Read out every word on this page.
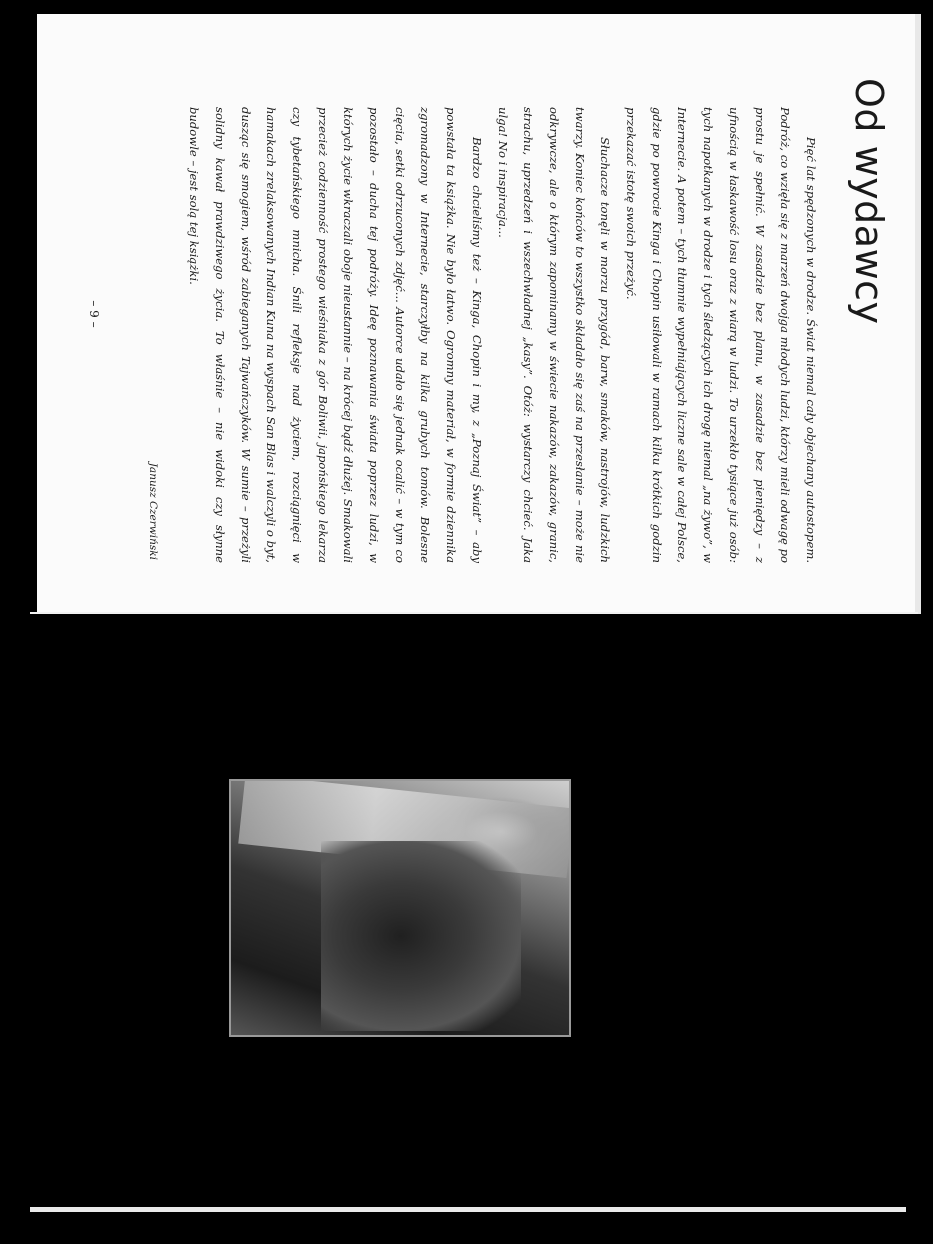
Od wydawcy

Pięć lat spędzonych w drodze. Świat niemal cały objechany autostopem. Podróż, co wzięła się z marzeń dwojga młodych ludzi, którzy mieli odwagę po prostu je spełnić. W zasadzie bez planu, w zasadzie bez pieniędzy – z ufnością w łaskawość losu oraz z wiarą w ludzi. To urzekło tysiące już osób: tych napotkanych w drodze i tych śledzących ich drogę niemal „na żywo”, w Internecie. A potem – tych tłumnie wypełniających liczne sale w całej Polsce, gdzie po powrocie Kinga i Chopin usiłowali w ramach kilku krótkich godzin przekazać istotę swoich przeżyć.

Słuchacze tonęli w morzu przygód, barw, smaków, nastrojów, ludzkich twarzy. Koniec końców to wszystko składało się zaś na przesłanie – może nie odkrywcze, ale o którym zapominamy w świecie nakazów, zakazów, granic, strachu, uprzedzeń i wszechwładnej „kasy”. Otóż: wystarczy chcieć. Jaka ulga! No i inspiracja...

Bardzo chcieliśmy też – Kinga, Chopin i my, z „Poznaj Świat” – aby powstała ta książka. Nie było łatwo. Ogromny materiał, w formie dziennika zgromadzony w Internecie, starczyłby na kilka grubych tomów. Bolesne cięcia, setki odrzuconych zdjęć... Autorce udało się jednak ocalić – w tym co pozostało – ducha tej podróży. Ideę poznawania świata poprzez ludzi, w których życie wkraczali oboje nieustannie – na krócej bądź dłużej. Smakowali przecież codzienność prostego wieśniaka z gór Boliwii, japońskiego lekarza czy tybetańskiego mnicha. Śnili refleksje nad życiem, rozciągnięci w hamakach zrelaksowanych Indian Kuna na wyspach San Blas i walczyli o byt, dusząc się smogiem, wśród zabieganych Tajwańczyków. W sumie – przeżyli solidny kawał prawdziwego życia. To właśnie – nie widoki czy słynne budowle – jest solą tej książki.

Janusz Czerwiński
– 9 –
